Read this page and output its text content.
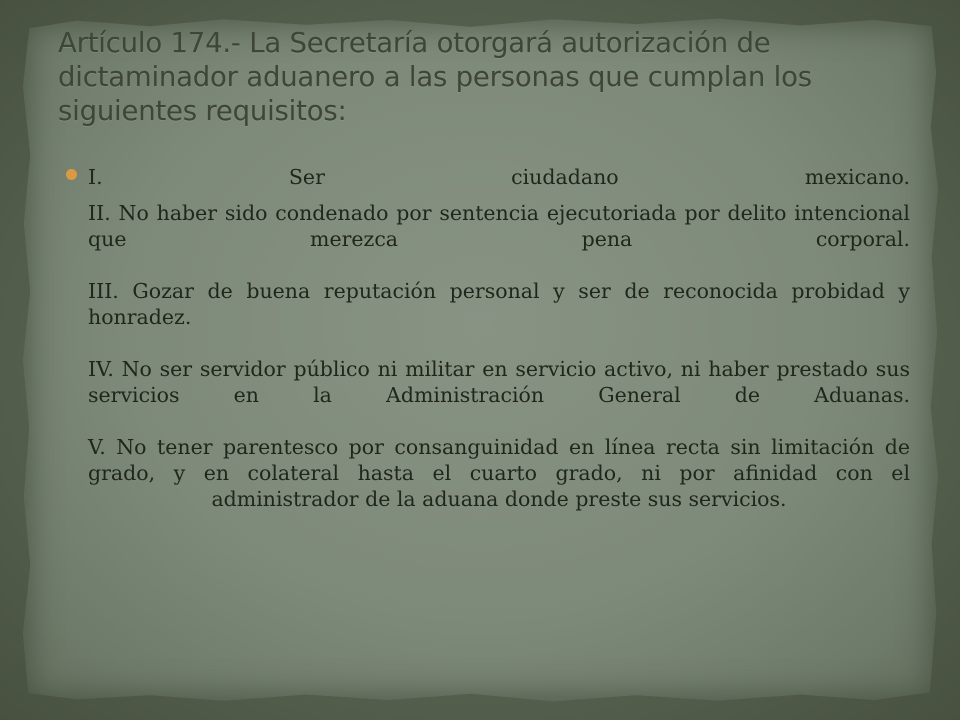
Artículo 174.- La Secretaría otorgará autorización de dictaminador aduanero a las personas que cumplan los siguientes requisitos:

I. Ser ciudadano mexicano.

II. No haber sido condenado por sentencia ejecutoriada por delito intencional que merezca pena corporal.

III. Gozar de buena reputación personal y ser de reconocida probidad y honradez.

IV. No ser servidor público ni militar en servicio activo, ni haber prestado sus servicios en la Administración General de Aduanas.

V. No tener parentesco por consanguinidad en línea recta sin limitación de grado, y en colateral hasta el cuarto grado, ni por afinidad con el administrador de la aduana donde preste sus servicios.
